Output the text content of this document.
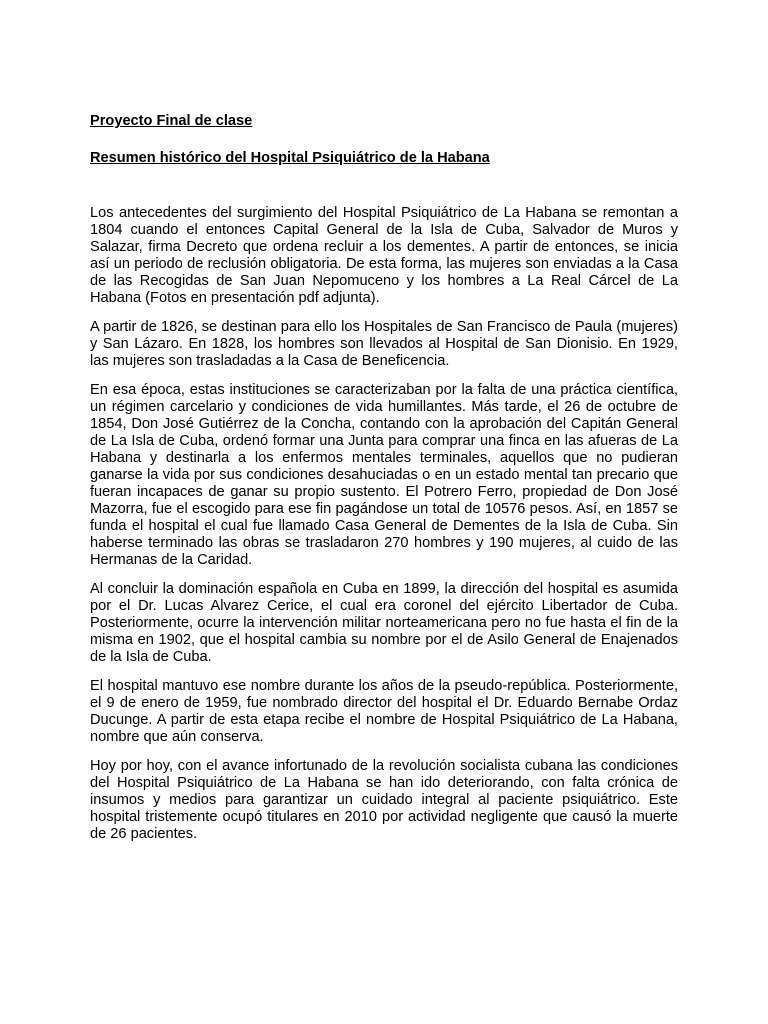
Proyecto Final de clase

Resumen histórico del Hospital Psiquiátrico de la Habana

Los antecedentes del surgimiento del Hospital Psiquiátrico de La Habana se remontan a 1804 cuando el entonces Capital General de la Isla de Cuba, Salvador de Muros y Salazar, firma Decreto que ordena recluir a los dementes. A partir de entonces, se inicia así un periodo de reclusión obligatoria. De esta forma, las mujeres son enviadas a la Casa de las Recogidas de San Juan Nepomuceno y los hombres a La Real Cárcel de La Habana (Fotos en presentación pdf adjunta).

A partir de 1826, se destinan para ello los Hospitales de San Francisco de Paula (mujeres) y San Lázaro. En 1828, los hombres son llevados al Hospital de San Dionisio. En 1929, las mujeres son trasladadas a la Casa de Beneficencia.

En esa época, estas instituciones se caracterizaban por la falta de una práctica científica, un régimen carcelario y condiciones de vida humillantes. Más tarde, el 26 de octubre de 1854, Don José Gutiérrez de la Concha, contando con la aprobación del Capitán General de La Isla de Cuba, ordenó formar una Junta para comprar una finca en las afueras de La Habana y destinarla a los enfermos mentales terminales, aquellos que no pudieran ganarse la vida por sus condiciones desahuciadas o en un estado mental tan precario que fueran incapaces de ganar su propio sustento. El Potrero Ferro, propiedad de Don José Mazorra, fue el escogido para ese fin pagándose un total de 10576 pesos. Así, en 1857 se funda el hospital el cual fue llamado Casa General de Dementes de la Isla de Cuba. Sin haberse terminado las obras se trasladaron 270 hombres y 190 mujeres, al cuido de las Hermanas de la Caridad.

Al concluir la dominación española en Cuba en 1899, la dirección del hospital es asumida por el Dr. Lucas Alvarez Cerice, el cual era coronel del ejército Libertador de Cuba. Posteriormente, ocurre la intervención militar norteamericana pero no fue hasta el fin de la misma en 1902, que el hospital cambia su nombre por el de Asilo General de Enajenados de la Isla de Cuba.

El hospital mantuvo ese nombre durante los años de la pseudo-república. Posteriormente, el 9 de enero de 1959, fue nombrado director del hospital el Dr. Eduardo Bernabe Ordaz Ducunge. A partir de esta etapa recibe el nombre de Hospital Psiquiátrico de La Habana, nombre que aún conserva.

Hoy por hoy, con el avance infortunado de la revolución socialista cubana las condiciones del Hospital Psiquiátrico de La Habana se han ido deteriorando, con falta crónica de insumos y medios para garantizar un cuidado integral al paciente psiquiátrico. Este hospital tristemente ocupó titulares en 2010 por actividad negligente que causó la muerte de 26 pacientes.
